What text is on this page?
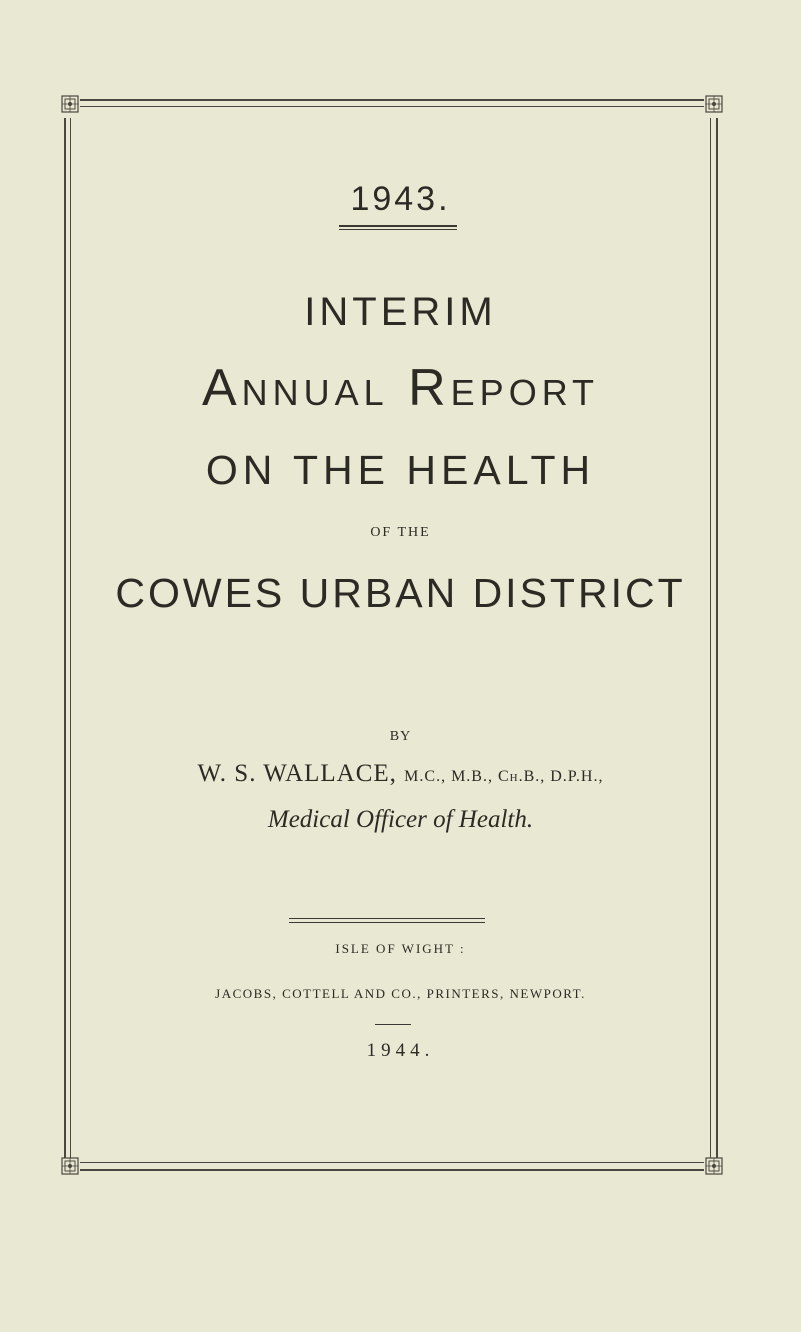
1943.
INTERIM
Annual Report
ON THE HEALTH
OF THE
COWES URBAN DISTRICT
BY
W. S. WALLACE, M.C., M.B., Ch.B., D.P.H.,
Medical Officer of Health.
ISLE OF WIGHT :
JACOBS, COTTELL AND CO., PRINTERS, NEWPORT.
1944.
